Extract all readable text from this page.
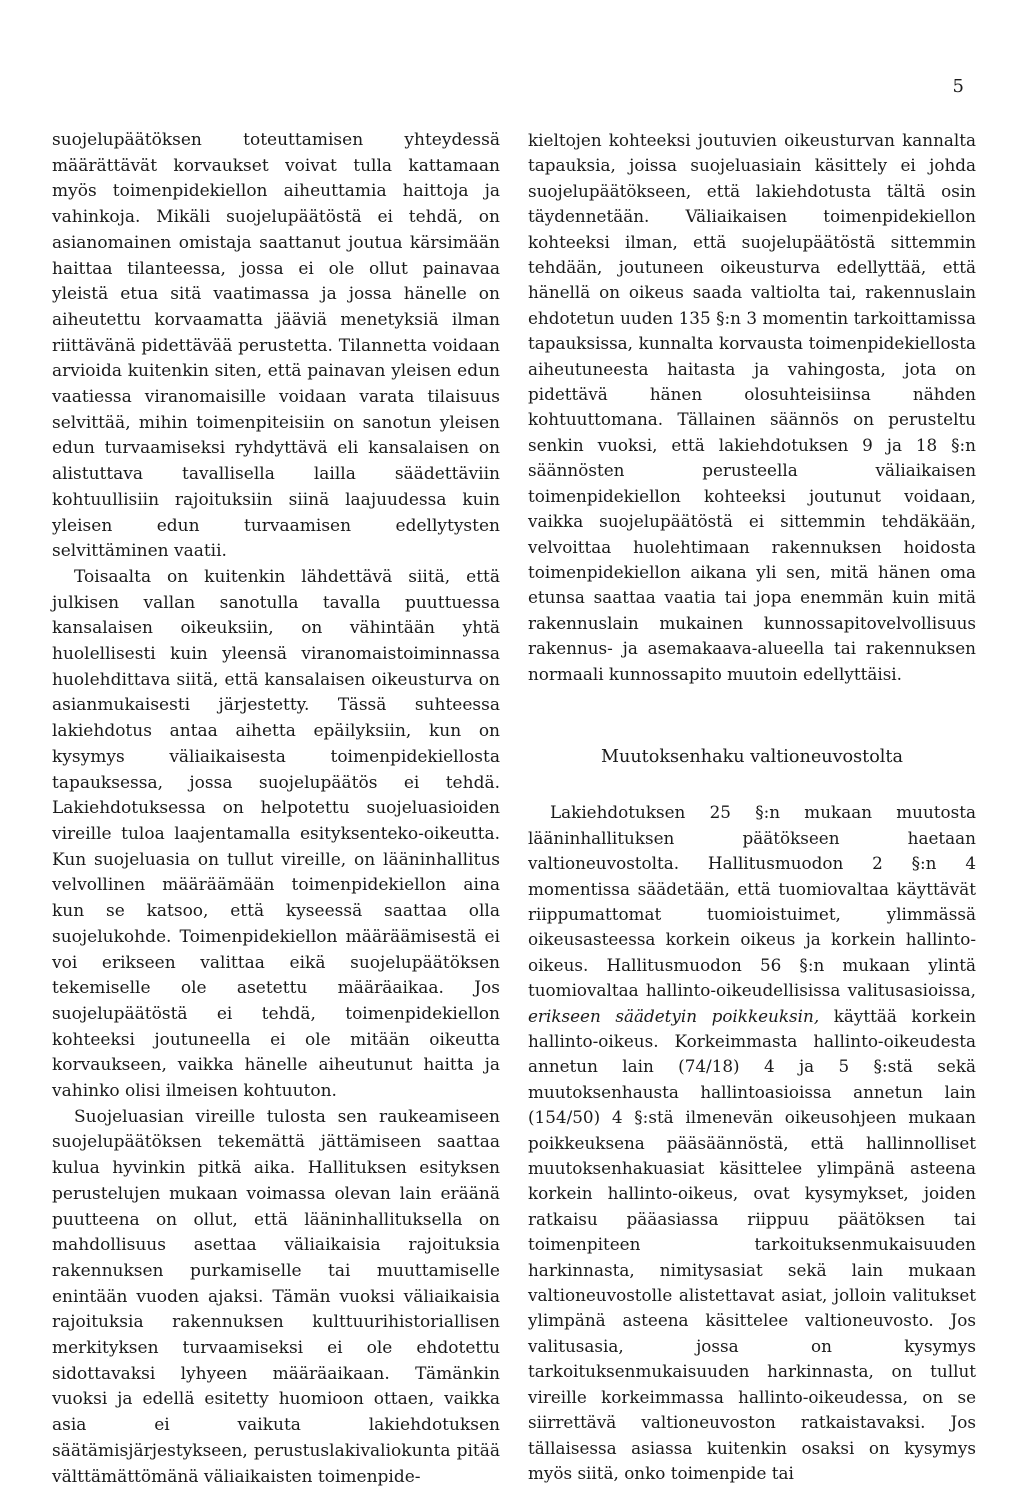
5

suojelupäätöksen toteuttamisen yhteydessä määrättävät korvaukset voivat tulla kattamaan myös toimenpidekiellon aiheuttamia haittoja ja vahinkoja. Mikäli suojelupäätöstä ei tehdä, on asianomainen omistaja saattanut joutua kärsimään haittaa tilanteessa, jossa ei ole ollut painavaa yleistä etua sitä vaatimassa ja jossa hänelle on aiheutettu korvaamatta jääviä menetyksiä ilman riittävänä pidettävää perustetta. Tilannetta voidaan arvioida kuitenkin siten, että painavan yleisen edun vaatiessa viranomaisille voidaan varata tilaisuus selvittää, mihin toimenpiteisiin on sanotun yleisen edun turvaamiseksi ryhdyttävä eli kansalaisen on alistuttava tavallisella lailla säädettäviin kohtuullisiin rajoituksiin siinä laajuudessa kuin yleisen edun turvaamisen edellytysten selvittäminen vaatii.

Toisaalta on kuitenkin lähdettävä siitä, että julkisen vallan sanotulla tavalla puuttuessa kansalaisen oikeuksiin, on vähintään yhtä huolellisesti kuin yleensä viranomaistoiminnassa huolehdittava siitä, että kansalaisen oikeusturva on asianmukaisesti järjestetty. Tässä suhteessa lakiehdotus antaa aihetta epäilyksiin, kun on kysymys väliaikaisesta toimenpidekiellosta tapauksessa, jossa suojelupäätös ei tehdä. Lakiehdotuksessa on helpotettu suojeluasioiden vireille tuloa laajentamalla esityksenteko-oikeutta. Kun suojeluasia on tullut vireille, on lääninhallitus velvollinen määräämään toimenpidekiellon aina kun se katsoo, että kyseessä saattaa olla suojelukohde. Toimenpidekiellon määräämisestä ei voi erikseen valittaa eikä suojelupäätöksen tekemiselle ole asetettu määräaikaa. Jos suojelupäätöstä ei tehdä, toimenpidekiellon kohteeksi joutuneella ei ole mitään oikeutta korvaukseen, vaikka hänelle aiheutunut haitta ja vahinko olisi ilmeisen kohtuuton.

Suojeluasian vireille tulosta sen raukeamiseen suojelupäätöksen tekemättä jättämiseen saattaa kulua hyvinkin pitkä aika. Hallituksen esityksen perustelujen mukaan voimassa olevan lain eräänä puutteena on ollut, että lääninhallituksella on mahdollisuus asettaa väliaikaisia rajoituksia rakennuksen purkamiselle tai muuttamiselle enintään vuoden ajaksi. Tämän vuoksi väliaikaisia rajoituksia rakennuksen kulttuurihistoriallisen merkityksen turvaamiseksi ei ole ehdotettu sidottavaksi lyhyeen määräaikaan. Tämänkin vuoksi ja edellä esitetty huomioon ottaen, vaikka asia ei vaikuta lakiehdotuksen säätämisjärjestykseen, perustuslakivaliokunta pitää välttämättömänä väliaikaisten toimenpide-

kieltojen kohteeksi joutuvien oikeusturvan kannalta tapauksia, joissa suojeluasiain käsittely ei johda suojelupäätökseen, että lakiehdotusta tältä osin täydennetään. Väliaikaisen toimenpidekiellon kohteeksi ilman, että suojelupäätöstä sittemmin tehdään, joutuneen oikeusturva edellyttää, että hänellä on oikeus saada valtiolta tai, rakennuslain ehdotetun uuden 135 §:n 3 momentin tarkoittamissa tapauksissa, kunnalta korvausta toimenpidekiellosta aiheutuneesta haitasta ja vahingosta, jota on pidettävä hänen olosuhteisiinsa nähden kohtuuttomana. Tällainen säännös on perusteltu senkin vuoksi, että lakiehdotuksen 9 ja 18 §:n säännösten perusteella väliaikaisen toimenpidekiellon kohteeksi joutunut voidaan, vaikka suojelupäätöstä ei sittemmin tehdäkään, velvoittaa huolehtimaan rakennuksen hoidosta toimenpidekiellon aikana yli sen, mitä hänen oma etunsa saattaa vaatia tai jopa enemmän kuin mitä rakennuslain mukainen kunnossapitovelvollisuus rakennus- ja asemakaava-alueella tai rakennuksen normaali kunnossapito muutoin edellyttäisi.

Muutoksenhaku valtioneuvostolta

Lakiehdotuksen 25 §:n mukaan muutosta lääninhallituksen päätökseen haetaan valtioneuvostolta. Hallitusmuodon 2 §:n 4 momentissa säädetään, että tuomiovaltaa käyttävät riippumattomat tuomioistuimet, ylimmässä oikeusasteessa korkein oikeus ja korkein hallinto-oikeus. Hallitusmuodon 56 §:n mukaan ylintä tuomiovaltaa hallinto-oikeudellisissa valitusasioissa, erikseen säädetyin poikkeuksin, käyttää korkein hallinto-oikeus. Korkeimmasta hallinto-oikeudesta annetun lain (74/18) 4 ja 5 §:stä sekä muutoksenhausta hallintoasioissa annetun lain (154/50) 4 §:stä ilmenevän oikeusohjeen mukaan poikkeuksena pääsäännöstä, että hallinnolliset muutoksenhakuasiat käsittelee ylimpänä asteena korkein hallinto-oikeus, ovat kysymykset, joiden ratkaisu pääasiassa riippuu päätöksen tai toimenpiteen tarkoituksenmukaisuuden harkinnasta, nimitysasiat sekä lain mukaan valtioneuvostolle alistettavat asiat, jolloin valitukset ylimpänä asteena käsittelee valtioneuvosto. Jos valitusasia, jossa on kysymys tarkoituksenmukaisuuden harkinnasta, on tullut vireille korkeimmassa hallinto-oikeudessa, on se siirrettävä valtioneuvoston ratkaistavaksi. Jos tällaisessa asiassa kuitenkin osaksi on kysymys myös siitä, onko toimenpide tai
